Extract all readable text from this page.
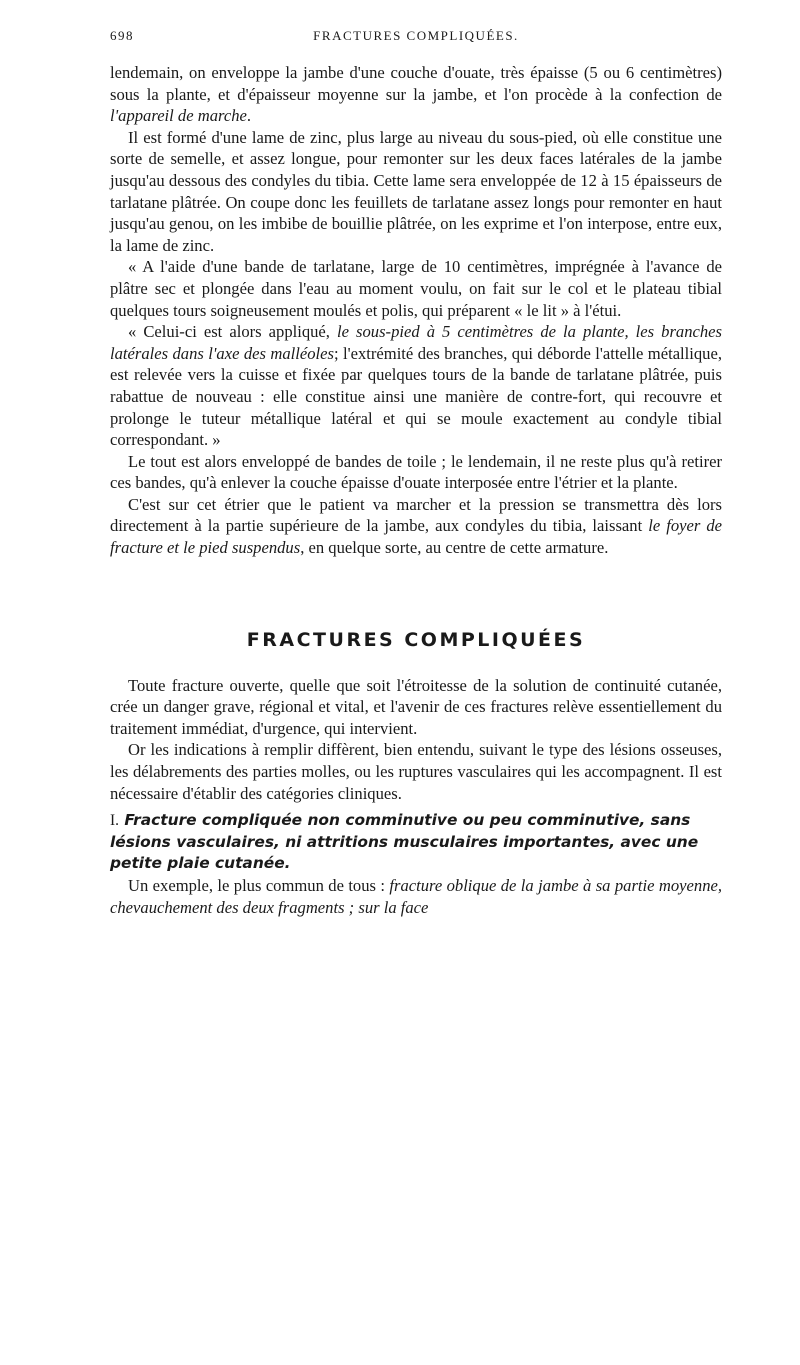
698	FRACTURES COMPLIQUÉES.

lendemain, on enveloppe la jambe d'une couche d'ouate, très épaisse (5 ou 6 centimètres) sous la plante, et d'épaisseur moyenne sur la jambe, et l'on procède à la confection de l'appareil de marche.

Il est formé d'une lame de zinc, plus large au niveau du sous-pied, où elle constitue une sorte de semelle, et assez longue, pour remonter sur les deux faces latérales de la jambe jusqu'au dessous des condyles du tibia. Cette lame sera enveloppée de 12 à 15 épaisseurs de tarlatane plâtrée. On coupe donc les feuillets de tarlatane assez longs pour remonter en haut jusqu'au genou, on les imbibe de bouillie plâtrée, on les exprime et l'on interpose, entre eux, la lame de zinc.

« A l'aide d'une bande de tarlatane, large de 10 centimètres, imprégnée à l'avance de plâtre sec et plongée dans l'eau au moment voulu, on fait sur le col et le plateau tibial quelques tours soigneusement moulés et polis, qui préparent « le lit » à l'étui.

« Celui-ci est alors appliqué, le sous-pied à 5 centimètres de la plante, les branches latérales dans l'axe des malléoles; l'extrémité des branches, qui déborde l'attelle métallique, est relevée vers la cuisse et fixée par quelques tours de la bande de tarlatane plâtrée, puis rabattue de nouveau : elle constitue ainsi une manière de contre-fort, qui recouvre et prolonge le tuteur métallique latéral et qui se moule exactement au condyle tibial correspondant. »

Le tout est alors enveloppé de bandes de toile ; le lendemain, il ne reste plus qu'à retirer ces bandes, qu'à enlever la couche épaisse d'ouate interposée entre l'étrier et la plante.

C'est sur cet étrier que le patient va marcher et la pression se transmettra dès lors directement à la partie supérieure de la jambe, aux condyles du tibia, laissant le foyer de fracture et le pied suspendus, en quelque sorte, au centre de cette armature.

FRACTURES COMPLIQUÉES

Toute fracture ouverte, quelle que soit l'étroitesse de la solution de continuité cutanée, crée un danger grave, régional et vital, et l'avenir de ces fractures relève essentiellement du traitement immédiat, d'urgence, qui intervient.

Or les indications à remplir diffèrent, bien entendu, suivant le type des lésions osseuses, les délabrements des parties molles, ou les ruptures vasculaires qui les accompagnent. Il est nécessaire d'établir des catégories cliniques.

I. Fracture compliquée non comminutive ou peu comminutive, sans lésions vasculaires, ni attritions musculaires importantes, avec une petite plaie cutanée.

Un exemple, le plus commun de tous : fracture oblique de la jambe à sa partie moyenne, chevauchement des deux fragments ; sur la face
